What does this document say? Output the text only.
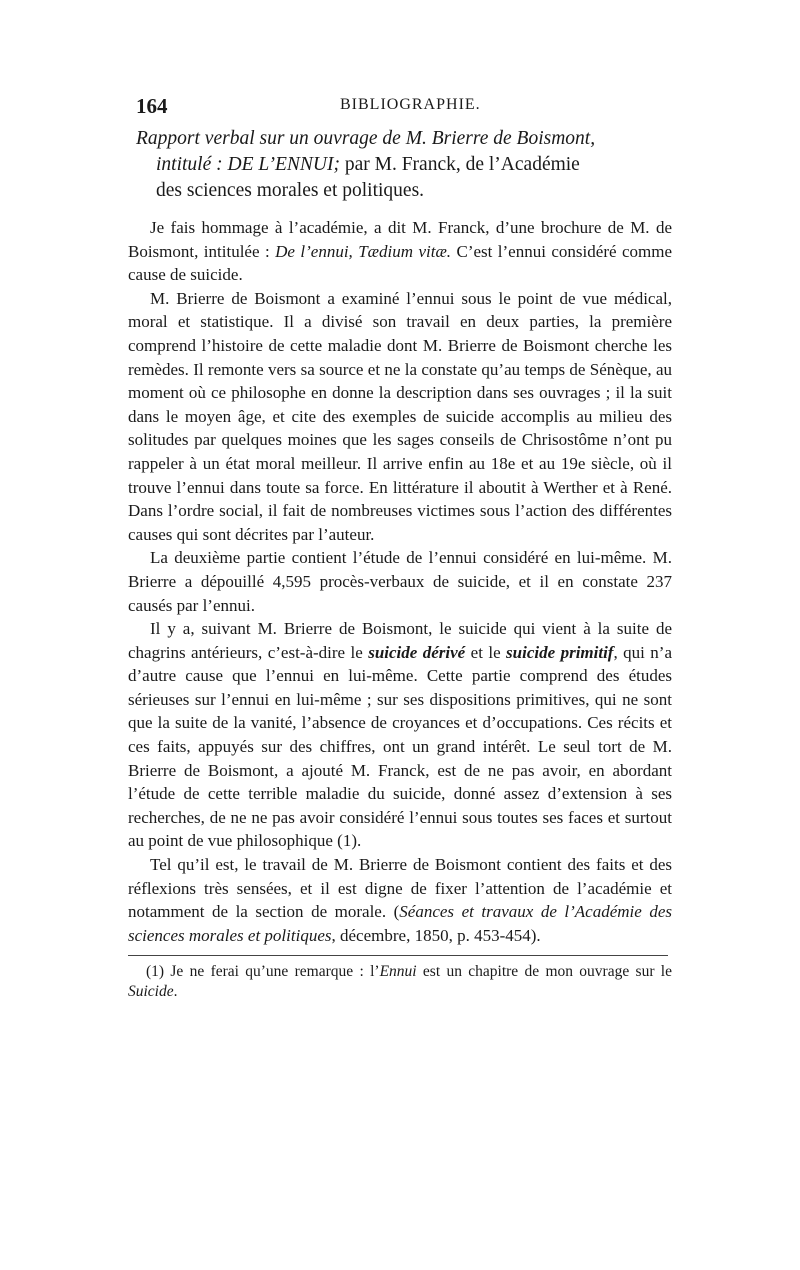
164	BIBLIOGRAPHIE.
Rapport verbal sur un ouvrage de M. Brierre de Boismont,
intitulé : DE L’ENNUI; par M. Franck, de l’Académie
des sciences morales et politiques.

Je fais hommage à l’académie, a dit M. Franck, d’une brochure de M. de Boismont, intitulée : De l’ennui, Tædium vitæ. C’est l’ennui considéré comme cause de suicide.

M. Brierre de Boismont a examiné l’ennui sous le point de vue médical, moral et statistique. Il a divisé son travail en deux parties, la première comprend l’histoire de cette maladie dont M. Brierre de Boismont cherche les remèdes. Il remonte vers sa source et ne la constate qu’au temps de Sénèque, au moment où ce philosophe en donne la description dans ses ouvrages ; il la suit dans le moyen âge, et cite des exemples de suicide accomplis au milieu des solitudes par quelques moines que les sages conseils de Chrisostôme n’ont pu rappeler à un état moral meilleur. Il arrive enfin au 18e et au 19e siècle, où il trouve l’ennui dans toute sa force. En littérature il aboutit à Werther et à René. Dans l’ordre social, il fait de nombreuses victimes sous l’action des différentes causes qui sont décrites par l’auteur.

La deuxième partie contient l’étude de l’ennui considéré en lui-même. M. Brierre a dépouillé 4,595 procès-verbaux de suicide, et il en constate 237 causés par l’ennui.

Il y a, suivant M. Brierre de Boismont, le suicide qui vient à la suite de chagrins antérieurs, c’est-à-dire le suicide dérivé et le suicide primitif, qui n’a d’autre cause que l’ennui en lui-même. Cette partie comprend des études sérieuses sur l’ennui en lui-même ; sur ses dispositions primitives, qui ne sont que la suite de la vanité, l’absence de croyances et d’occupations. Ces récits et ces faits, appuyés sur des chiffres, ont un grand intérêt. Le seul tort de M. Brierre de Boismont, a ajouté M. Franck, est de ne pas avoir, en abordant l’étude de cette terrible maladie du suicide, donné assez d’extension à ses recherches, de ne ne pas avoir considéré l’ennui sous toutes ses faces et surtout au point de vue philosophique (1).

Tel qu’il est, le travail de M. Brierre de Boismont contient des faits et des réflexions très sensées, et il est digne de fixer l’attention de l’académie et notamment de la section de morale. (Séances et travaux de l’Académie des sciences morales et politiques, décembre, 1850, p. 453-454).

(1) Je ne ferai qu’une remarque : l’Ennui est un chapitre de mon ouvrage sur le Suicide.
